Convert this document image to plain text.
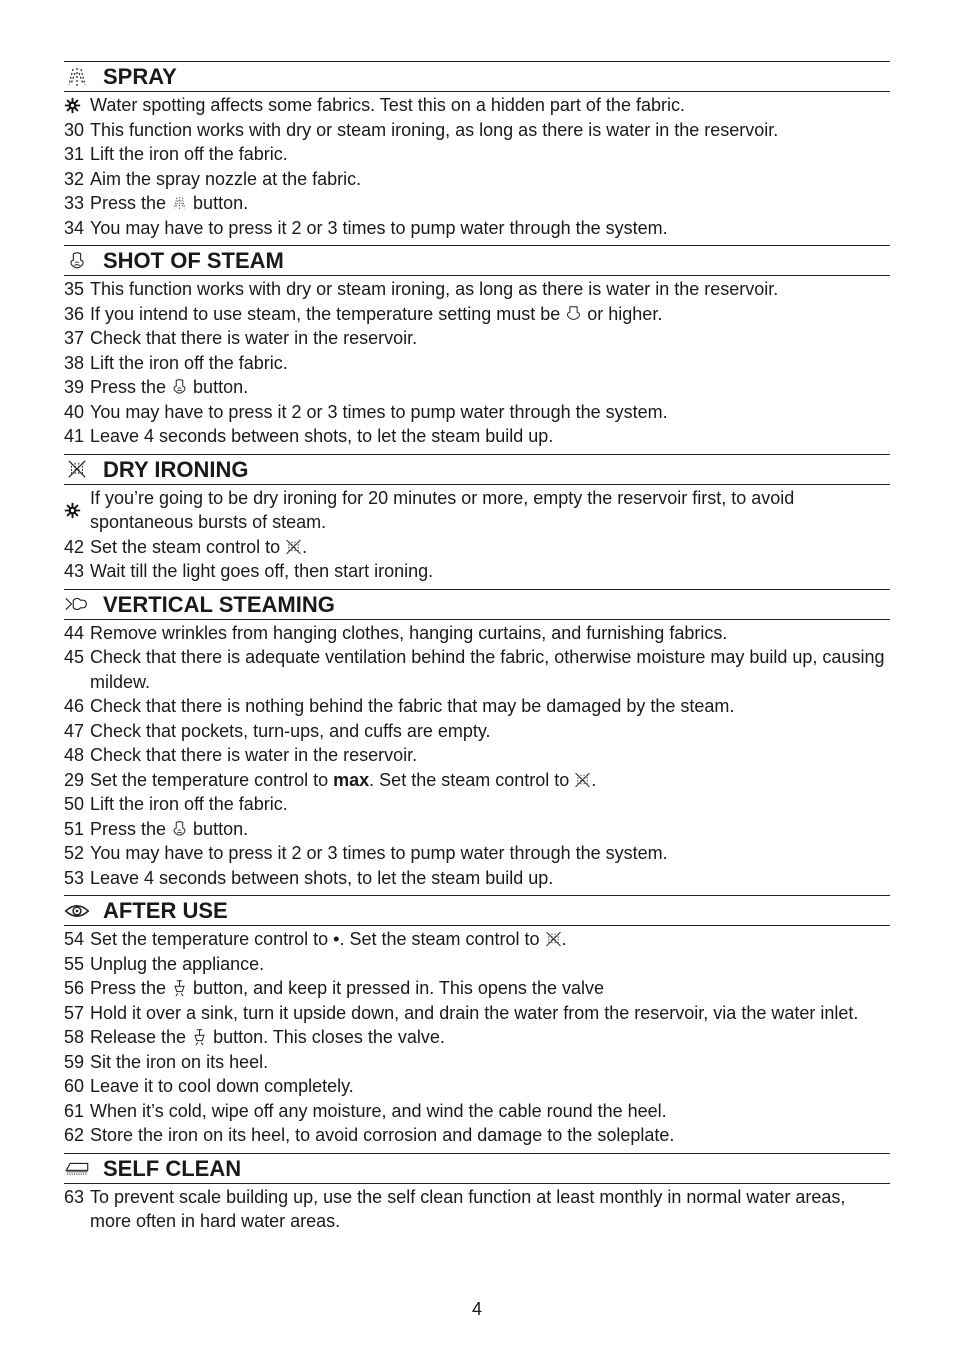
SPRAY
Water spotting affects some fabrics. Test this on a hidden part of the fabric.
30 This function works with dry or steam ironing, as long as there is water in the reservoir.
31 Lift the iron off the fabric.
32 Aim the spray nozzle at the fabric.
33 Press the  button.
34 You may have to press it 2 or 3 times to pump water through the system.
SHOT OF STEAM
35 This function works with dry or steam ironing, as long as there is water in the reservoir.
36 If you intend to use steam, the temperature setting must be  or higher.
37 Check that there is water in the reservoir.
38 Lift the iron off the fabric.
39 Press the  button.
40 You may have to press it 2 or 3 times to pump water through the system.
41 Leave 4 seconds between shots, to let the steam build up.
DRY IRONING
If you’re going to be dry ironing for 20 minutes or more, empty the reservoir first, to avoid spontaneous bursts of steam.
42 Set the steam control to .
43 Wait till the light goes off, then start ironing.
VERTICAL STEAMING
44 Remove wrinkles from hanging clothes, hanging curtains, and furnishing fabrics.
45 Check that there is adequate ventilation behind the fabric, otherwise moisture may build up, causing mildew.
46 Check that there is nothing behind the fabric that may be damaged by the steam.
47 Check that pockets, turn-ups, and cuffs are empty.
48 Check that there is water in the reservoir.
29 Set the temperature control to max. Set the steam control to .
50 Lift the iron off the fabric.
51 Press the  button.
52 You may have to press it 2 or 3 times to pump water through the system.
53 Leave 4 seconds between shots, to let the steam build up.
AFTER USE
54 Set the temperature control to •. Set the steam control to .
55 Unplug the appliance.
56 Press the  button, and keep it pressed in. This opens the valve
57 Hold it over a sink, turn it upside down, and drain the water from the reservoir, via the water inlet.
58 Release the  button. This closes the valve.
59 Sit the iron on its heel.
60 Leave it to cool down completely.
61 When it’s cold, wipe off any moisture, and wind the cable round the heel.
62 Store the iron on its heel, to avoid corrosion and damage to the soleplate.
SELF CLEAN
63 To prevent scale building up, use the self clean function at least monthly in normal water areas, more often in hard water areas.
4
